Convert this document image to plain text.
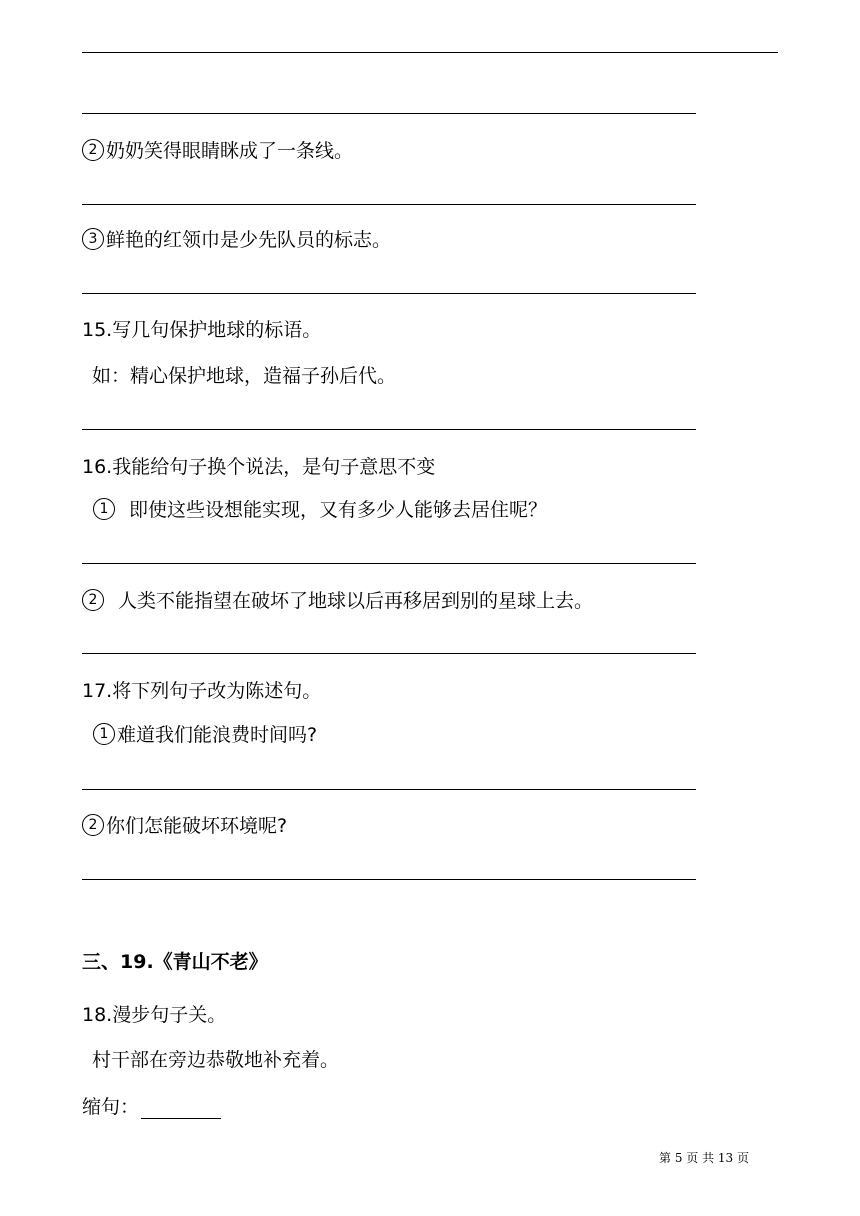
2 奶奶笑得眼睛眯成了一条线。
3 鲜艳的红领巾是少先队员的标志。
15.写几句保护地球的标语。
如：精心保护地球，造福子孙后代。
16.我能给句子换个说法，是句子意思不变
1 即使这些设想能实现，又有多少人能够去居住呢？
2 人类不能指望在破坏了地球以后再移居到别的星球上去。
17.将下列句子改为陈述句。
1 难道我们能浪费时间吗?
2 你们怎能破坏环境呢?
三、19.《青山不老》
18.漫步句子关。
村干部在旁边恭敬地补充着。
缩句：
第 5 页 共 13 页
